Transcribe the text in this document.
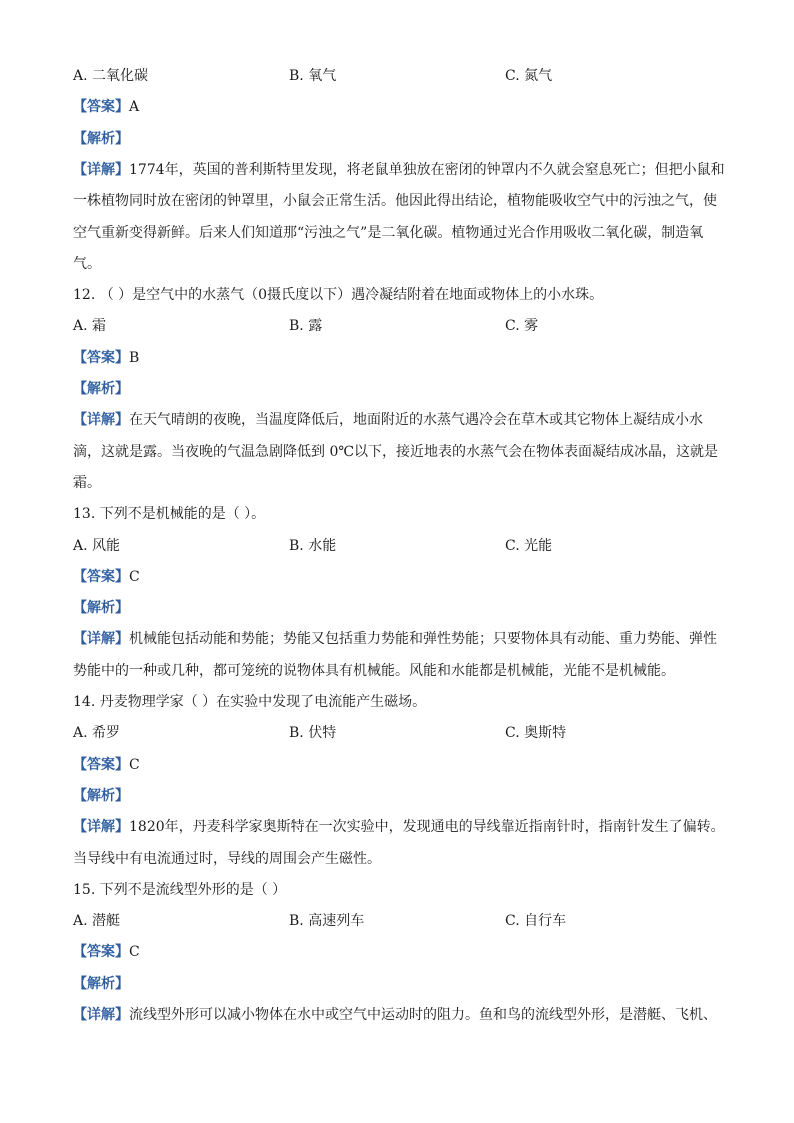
A. 二氧化碳	B. 氧气	C. 氮气
【答案】A
【解析】
【详解】1774年，英国的普利斯特里发现，将老鼠单独放在密闭的钟罩内不久就会窒息死亡；但把小鼠和
一株植物同时放在密闭的钟罩里，小鼠会正常生活。他因此得出结论，植物能吸收空气中的污浊之气，使
空气重新变得新鲜。后来人们知道那“污浊之气”是二氧化碳。植物通过光合作用吸收二氧化碳，制造氧
气。
12. （ ）是空气中的水蒸气（0摄氏度以下）遇冷凝结附着在地面或物体上的小水珠。
A. 霜	B. 露	C. 雾
【答案】B
【解析】
【详解】在天气晴朗的夜晚，当温度降低后，地面附近的水蒸气遇冷会在草木或其它物体上凝结成小水
滴，这就是露。当夜晚的气温急剧降低到 0℃以下，接近地表的水蒸气会在物体表面凝结成冰晶，这就是
霜。
13. 下列不是机械能的是（ ）。
A. 风能	B. 水能	C. 光能
【答案】C
【解析】
【详解】机械能包括动能和势能；势能又包括重力势能和弹性势能；只要物体具有动能、重力势能、弹性
势能中的一种或几种，都可笼统的说物体具有机械能。风能和水能都是机械能，光能不是机械能。
14. 丹麦物理学家（ ）在实验中发现了电流能产生磁场。
A. 希罗	B. 伏特	C. 奥斯特
【答案】C
【解析】
【详解】1820年，丹麦科学家奥斯特在一次实验中，发现通电的导线靠近指南针时，指南针发生了偏转。
当导线中有电流通过时，导线的周围会产生磁性。
15. 下列不是流线型外形的是（ ）
A. 潜艇	B. 高速列车	C. 自行车
【答案】C
【解析】
【详解】流线型外形可以减小物体在水中或空气中运动时的阻力。鱼和鸟的流线型外形，是潜艇、飞机、
